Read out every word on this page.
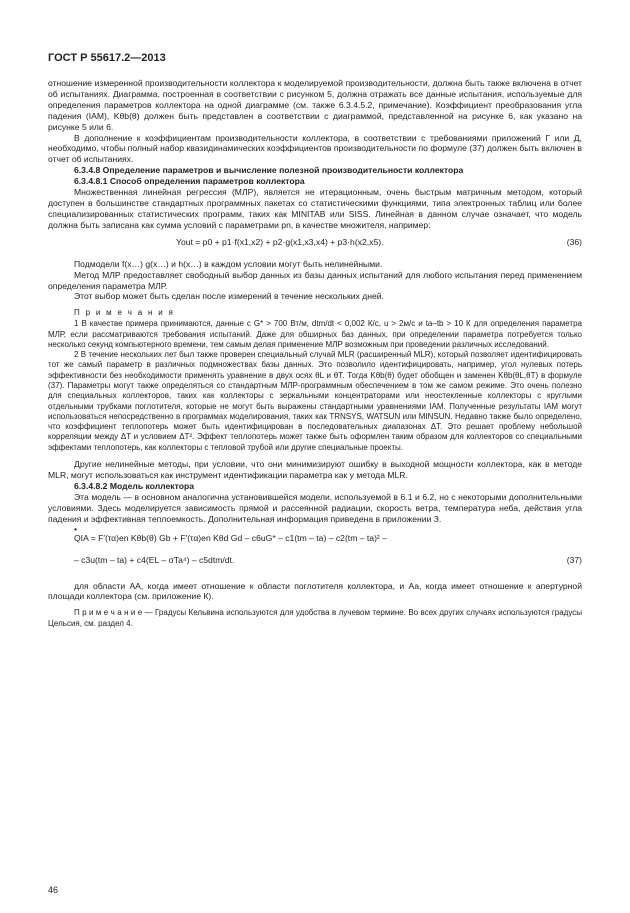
ГОСТ Р 55617.2—2013

отношение измеренной производительности коллектора к моделируемой производительности, должна быть также включена в отчет об испытаниях. Диаграмма, построенная в соответствии с рисунком 5, должна отражать все данные испытания, используемые для определения параметров коллектора на одной диаграмме (см. также 6.3.4.5.2, примечание). Коэффициент преобразования угла падения (IAM), Kθb(θ) должен быть представлен в соответствии с диаграммой, представленной на рисунке 6, как указано на рисунке 5 или 6.

В дополнение к коэффициентам производительности коллектора, в соответствии с требованиями приложений Г или Д, необходимо, чтобы полный набор квазидинамических коэффициентов производительности по формуле (37) должен быть включен в отчет об испытаниях.

6.3.4.8 Определение параметров и вычисление полезной производительности коллектора

6.3.4.8.1 Способ определения параметров коллектора

Множественная линейная регрессия (МЛР), является не итерационным, очень быстрым матричным методом, который доступен в большинстве стандартных программных пакетах со статистическими функциями, типа электронных таблиц или более специализированных статистических программ, таких как MINITAB или SISS. Линейная в данном случае означает, что модель должна быть записана как сумма условий с параметрами pn, в качестве множителя, например:

Yout = p0 + p1·f(x1,x2) + p2·g(x1,x3,x4) + p3·h(x2,x5).	(36)

Подмодели f(x…) g(x…) и h(x…) в каждом условии могут быть нелинейными.

Метод МЛР предоставляет свободный выбор данных из базы данных испытаний для любого испытания перед применением определения параметра МЛР.

Этот выбор может быть сделан после измерений в течение нескольких дней.

П р и м е ч а н и я

1 В качестве примера принимаются, данные с G* > 700 Вт/м, dtm/dt < 0,002 К/с, u > 2м/с и ta–tb > 10 К для определения параметра МЛР, если рассматриваются требования испытаний. Даже для обширных баз данных, при определении параметра потребуется только несколько секунд компьютерного времени, тем самым делая применение МЛР возможным при проведении различных исследований.

2 В течение нескольких лет был также проверен специальный случай MLR (расширенный MLR), который позволяет идентифицировать тот же самый параметр в различных подмножествах базы данных. Это позволило идентифицировать, например, угол нулевых потерь эффективности без необходимости применять уравнение в двух осях θL и θT. Тогда Kθb(θ) будет обобщен и заменен Kθb(θL,θT) в формуле (37). Параметры могут также определяться со стандартным МЛР-программным обеспечением в том же самом режиме. Это очень полезно для специальных коллекторов, таких как коллекторы с зеркальными концентраторами или неостекленные коллекторы с круглыми отдельными трубками поглотителя, которые не могут быть выражены стандартными уравнениями IAM. Полученные результаты IAM могут использоваться непосредственно в программах моделирования, таких как TRNSYS, WATSUN или MINSUN. Недавно также было определено, что коэффициент теплопотерь может быть идентифицирован в последовательных диапазонах ΔT. Это решает проблему небольшой корреляции между ΔT и условием ΔT². Эффект теплопотерь может также быть оформлен таким образом для коллекторов со специальными эффектами теплопотерь, как коллекторы с тепловой трубой или другие специальные проекты.

Другие нелинейные методы, при условии, что они минимизируют ошибку в выходной мощности коллектора, как в методе MLR, могут использоваться как инструмент идентификации параметра как у метода MLR.

6.3.4.8.2 Модель коллектора

Эта модель — в основном аналогична установившейся модели, используемой в 6.1 и 6.2, но с некоторыми дополнительными условиями. Здесь моделируется зависимость прямой и рассеянной радиации, скорость ветра, температура неба, действия угла падения и эффективная теплоемкость. Дополнительная информация приведена в приложении З.

•
QIA = F′(τα)en Kθb(θ) Gb + F′(τα)en Kθd Gd – c6uG* – c1(tm – ta) – c2(tm – ta)² –
– c3u(tm – ta) + c4(EL – σTa⁴) – c5dtm/dt.	(37)

для области AA, когда имеет отношение к области поглотителя коллектора, и Aa, когда имеет отношение к апертурной площади коллектора (см. приложение К).

П р и м е ч а н и е — Градусы Кельвина используются для удобства в лучевом термине. Во всех других случаях используются градусы Цельсия, см. раздел 4.

46
